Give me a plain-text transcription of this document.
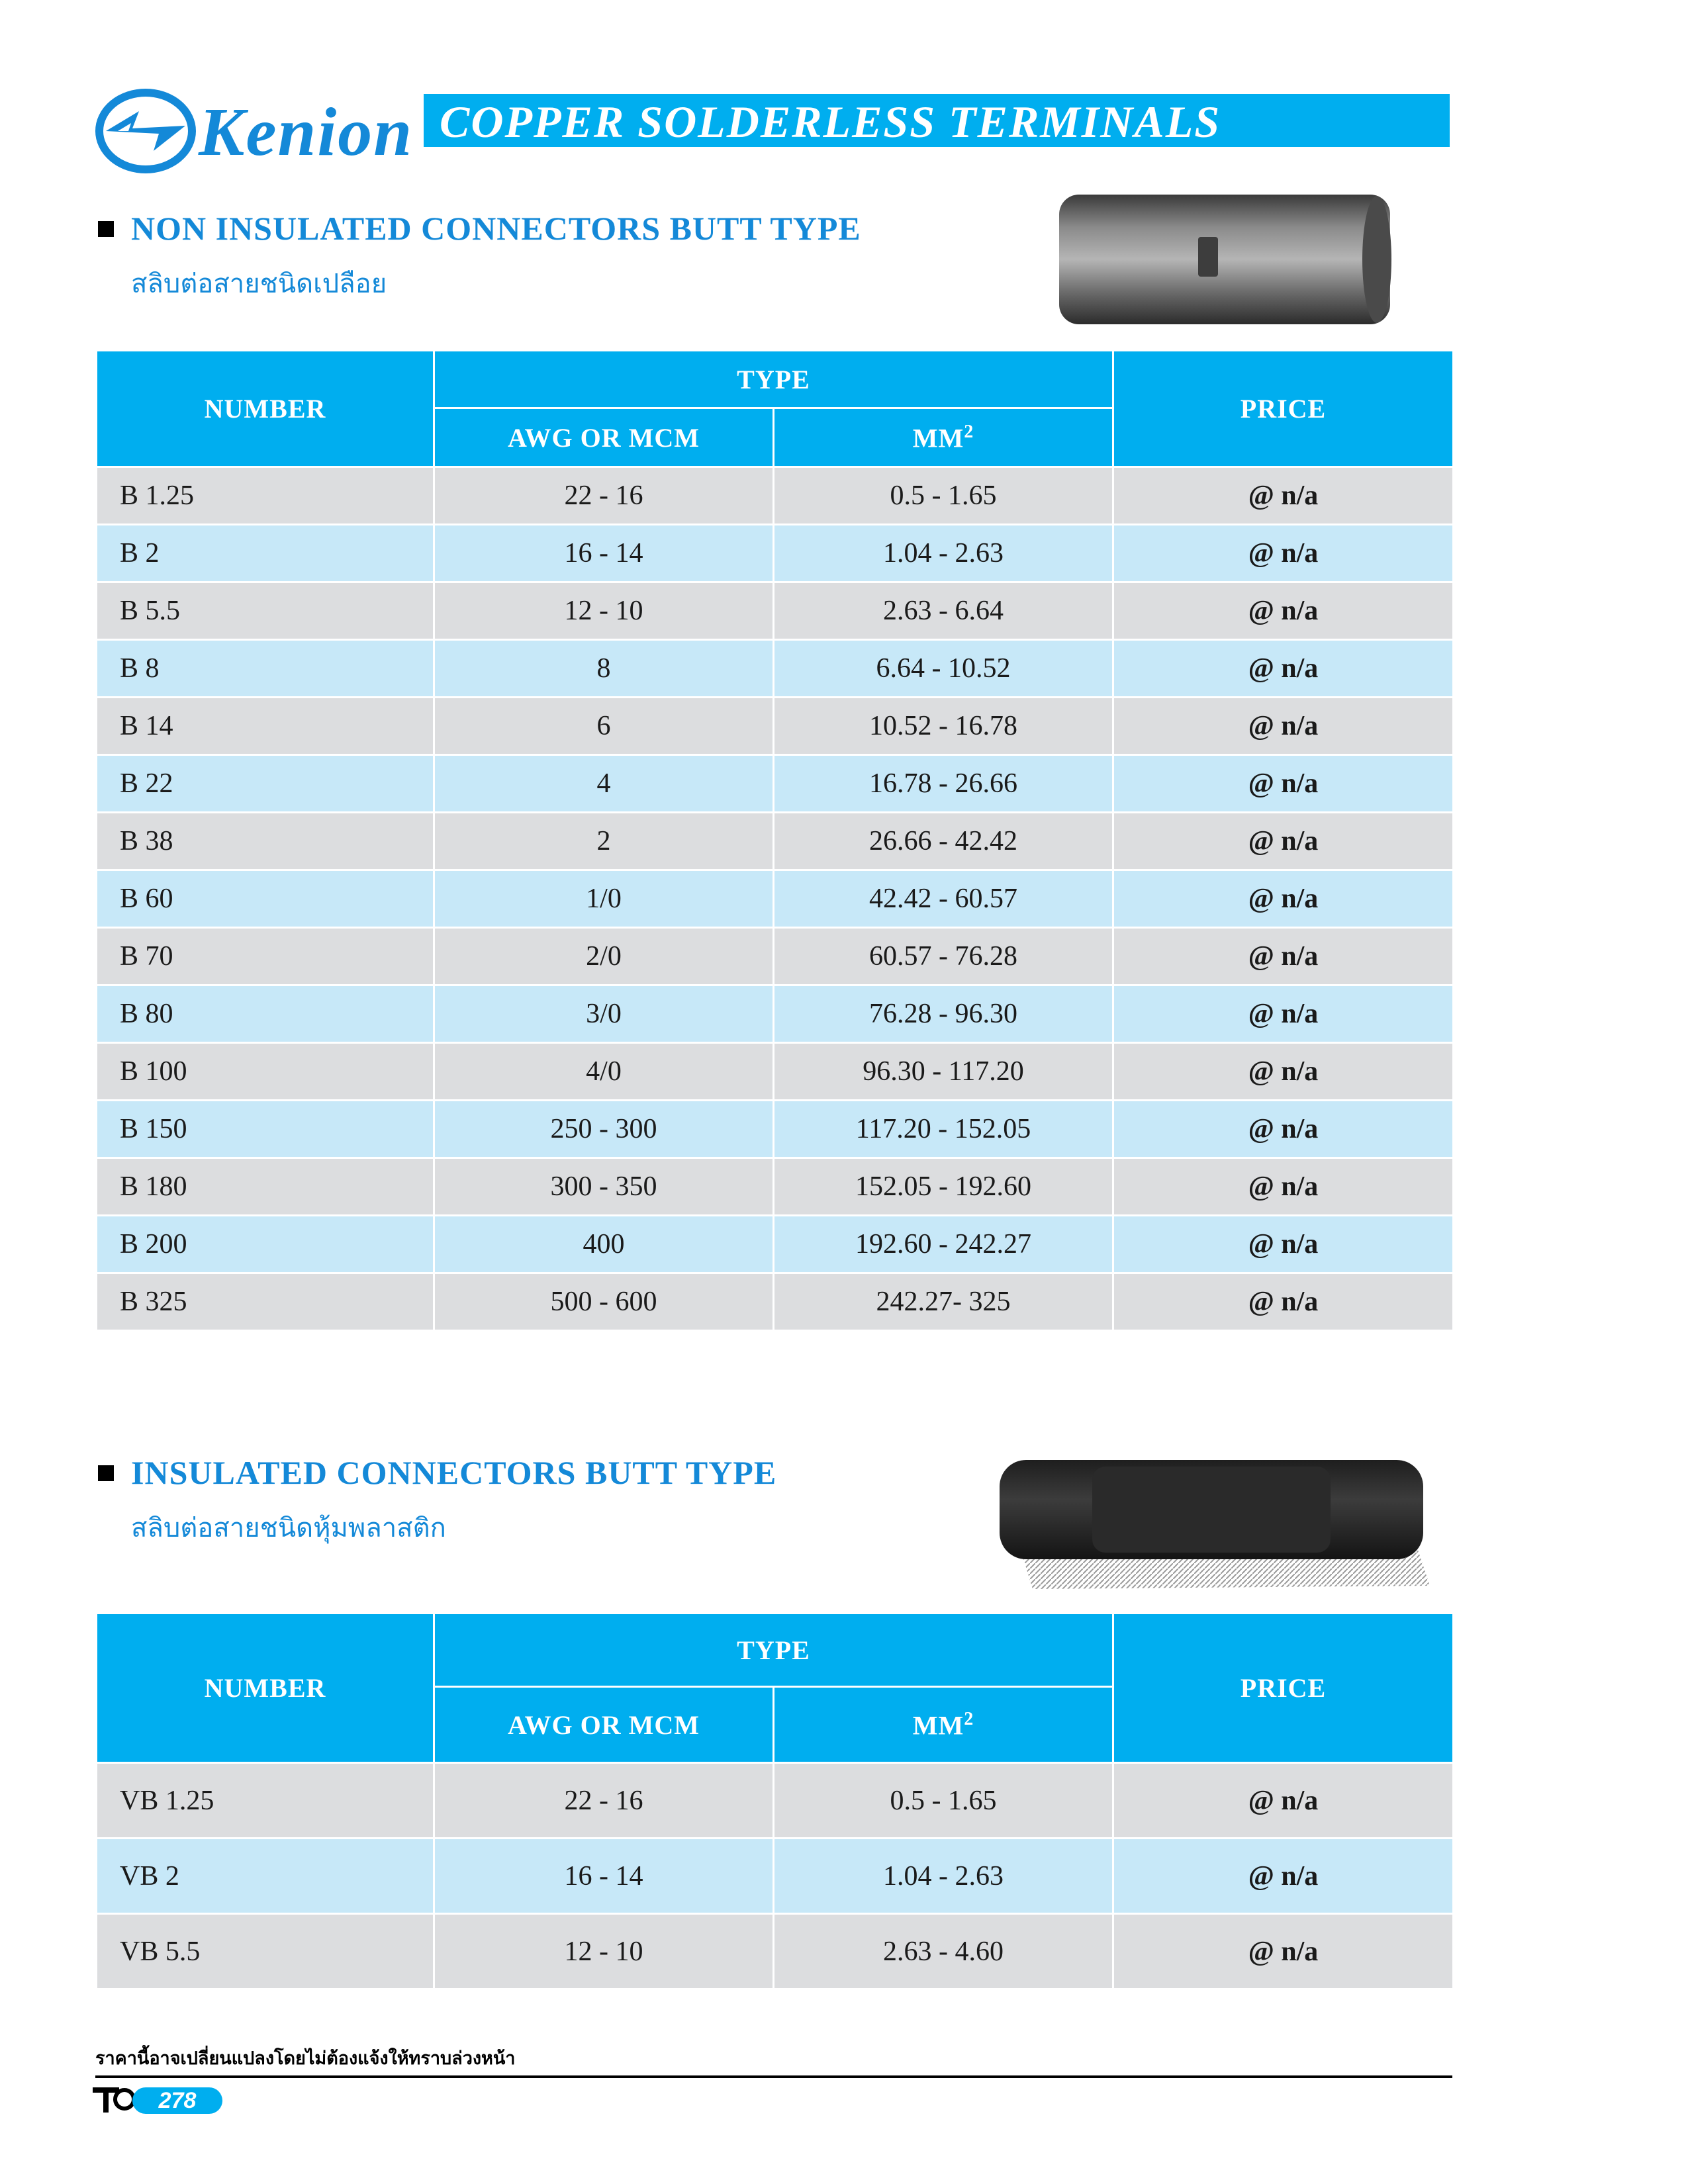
Kenion COPPER SOLDERLESS TERMINALS
NON INSULATED CONNECTORS BUTT TYPE
สลิบต่อสายชนิดเปลือย
NUMBER	TYPE		PRICE
	AWG OR MCM	$MM^2$
B 1.25	22 - 16	0.5 - 1.65	@ n/a
B 2	16 - 14	1.04 - 2.63	@ n/a
B 5.5	12 - 10	2.63 - 6.64	@ n/a
B 8	8	6.64 - 10.52	@ n/a
B 14	6	10.52 - 16.78	@ n/a
B 22	4	16.78 - 26.66	@ n/a
B 38	2	26.66 - 42.42	@ n/a
B 60	1/0	42.42 - 60.57	@ n/a
B 70	2/0	60.57 - 76.28	@ n/a
B 80	3/0	76.28 - 96.30	@ n/a
B 100	4/0	96.30 - 117.20	@ n/a
B 150	250 - 300	117.20 - 152.05	@ n/a
B 180	300 - 350	152.05 - 192.60	@ n/a
B 200	400	192.60 - 242.27	@ n/a
B 325	500 - 600	242.27- 325	@ n/a
INSULATED CONNECTORS BUTT TYPE
สลิบต่อสายชนิดหุ้มพลาสติก
NUMBER	TYPE		PRICE
	AWG OR MCM	$MM^2$
VB 1.25	22 - 16	0.5 - 1.65	@ n/a
VB 2	16 - 14	1.04 - 2.63	@ n/a
VB 5.5	12 - 10	2.63 - 4.60	@ n/a
ราคานี้อาจเปลี่ยนแปลงโดยไม่ต้องแจ้งให้ทราบล่วงหน้า
278
